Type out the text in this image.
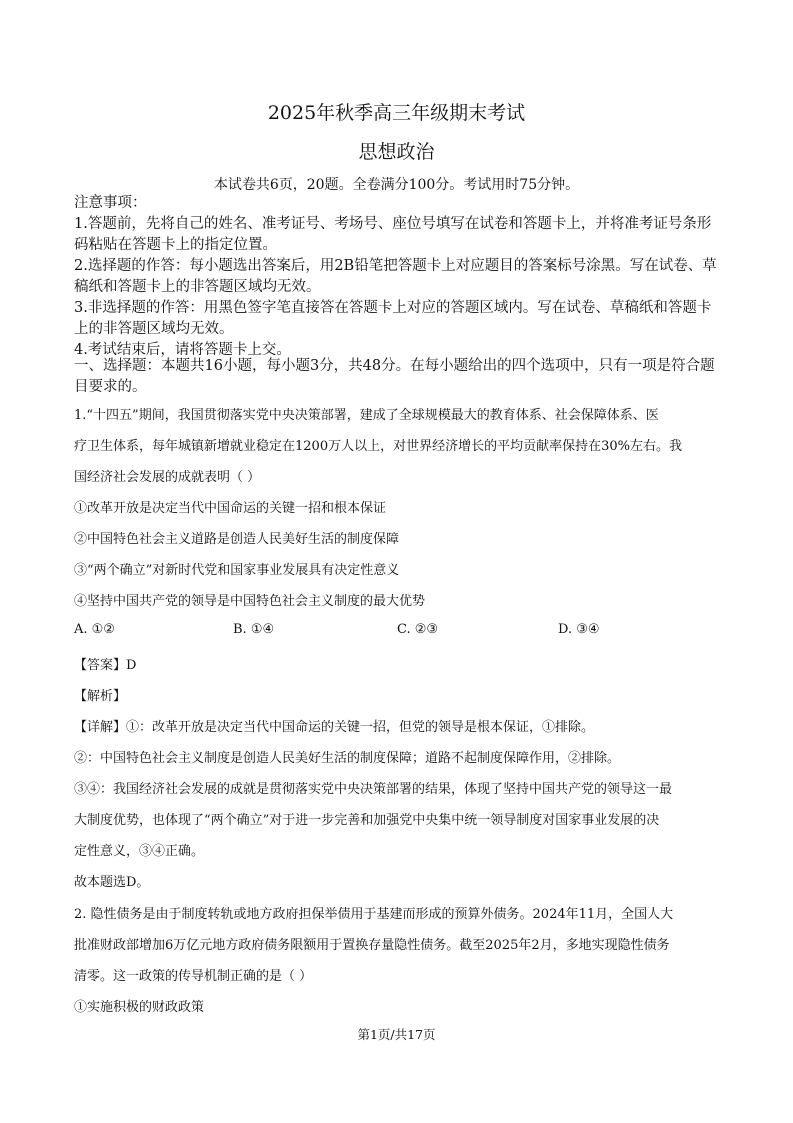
2025年秋季高三年级期末考试
思想政治
本试卷共6页，20题。全卷满分100分。考试用时75分钟。
注意事项：
1.答题前，先将自己的姓名、准考证号、考场号、座位号填写在试卷和答题卡上，并将准考证号条形码粘贴在答题卡上的指定位置。
2.选择题的作答：每小题选出答案后，用2B铅笔把答题卡上对应题目的答案标号涂黑。写在试卷、草稿纸和答题卡上的非答题区域均无效。
3.非选择题的作答：用黑色签字笔直接答在答题卡上对应的答题区域内。写在试卷、草稿纸和答题卡上的非答题区域均无效。
4.考试结束后，请将答题卡上交。
一、选择题：本题共16小题，每小题3分，共48分。在每小题给出的四个选项中，只有一项是符合题目要求的。
1.“十四五”期间，我国贯彻落实党中央决策部署，建成了全球规模最大的教育体系、社会保障体系、医
疗卫生体系，每年城镇新增就业稳定在1200万人以上，对世界经济增长的平均贡献率保持在30%左右。我
国经济社会发展的成就表明（ ）
①改革开放是决定当代中国命运的关键一招和根本保证
②中国特色社会主义道路是创造人民美好生活的制度保障
③“两个确立”对新时代党和国家事业发展具有决定性意义
④坚持中国共产党的领导是中国特色社会主义制度的最大优势
A. ①②	B. ①④	C. ②③	D. ③④
【答案】D
【解析】
【详解】①：改革开放是决定当代中国命运的关键一招，但党的领导是根本保证，①排除。
②：中国特色社会主义制度是创造人民美好生活的制度保障；道路不起制度保障作用，②排除。
③④：我国经济社会发展的成就是贯彻落实党中央决策部署的结果，体现了坚持中国共产党的领导这一最
大制度优势，也体现了“两个确立”对于进一步完善和加强党中央集中统一领导制度对国家事业发展的决
定性意义，③④正确。
故本题选D。
2. 隐性债务是由于制度转轨或地方政府担保举债用于基建而形成的预算外债务。2024年11月，全国人大
批准财政部增加6万亿元地方政府债务限额用于置换存量隐性债务。截至2025年2月，多地实现隐性债务
清零。这一政策的传导机制正确的是（ ）
①实施积极的财政政策
第1页/共17页
